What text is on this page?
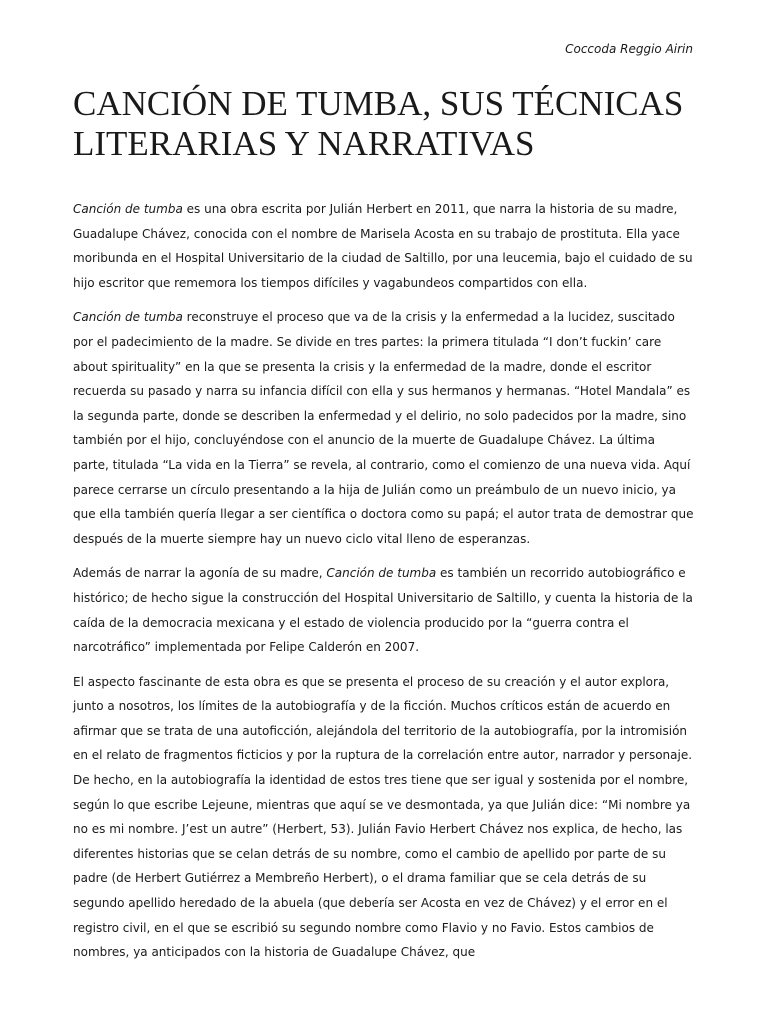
Coccoda Reggio Airin
CANCIÓN DE TUMBA, SUS TÉCNICAS
LITERARIAS Y NARRATIVAS

Canción de tumba es una obra escrita por Julián Herbert en 2011, que narra la historia de su madre, Guadalupe Chávez, conocida con el nombre de Marisela Acosta en su trabajo de prostituta. Ella yace moribunda en el Hospital Universitario de la ciudad de Saltillo, por una leucemia, bajo el cuidado de su hijo escritor que rememora los tiempos difíciles y vagabundeos compartidos con ella.

Canción de tumba reconstruye el proceso que va de la crisis y la enfermedad a la lucidez, suscitado por el padecimiento de la madre. Se divide en tres partes: la primera titulada “I don’t fuckin’ care about spirituality” en la que se presenta la crisis y la enfermedad de la madre, donde el escritor recuerda su pasado y narra su infancia difícil con ella y sus hermanos y hermanas. “Hotel Mandala” es la segunda parte, donde se describen la enfermedad y el delirio, no solo padecidos por la madre, sino también por el hijo, concluyéndose con el anuncio de la muerte de Guadalupe Chávez. La última parte, titulada “La vida en la Tierra” se revela, al contrario, como el comienzo de una nueva vida. Aquí parece cerrarse un círculo presentando a la hija de Julián como un preámbulo de un nuevo inicio, ya que ella también quería llegar a ser científica o doctora como su papá; el autor trata de demostrar que después de la muerte siempre hay un nuevo ciclo vital lleno de esperanzas.

Además de narrar la agonía de su madre, Canción de tumba es también un recorrido autobiográfico e histórico; de hecho sigue la construcción del Hospital Universitario de Saltillo, y cuenta la historia de la caída de la democracia mexicana y el estado de violencia producido por la “guerra contra el narcotráfico” implementada por Felipe Calderón en 2007.

El aspecto fascinante de esta obra es que se presenta el proceso de su creación y el autor explora, junto a nosotros, los límites de la autobiografía y de la ficción. Muchos críticos están de acuerdo en afirmar que se trata de una autoficción, alejándola del territorio de la autobiografía, por la intromisión en el relato de fragmentos ficticios y por la ruptura de la correlación entre autor, narrador y personaje. De hecho, en la autobiografía la identidad de estos tres tiene que ser igual y sostenida por el nombre, según lo que escribe Lejeune, mientras que aquí se ve desmontada, ya que Julián dice: “Mi nombre ya no es mi nombre. J’est un autre” (Herbert, 53). Julián Favio Herbert Chávez nos explica, de hecho, las diferentes historias que se celan detrás de su nombre, como el cambio de apellido por parte de su padre (de Herbert Gutiérrez a Membreño Herbert), o el drama familiar que se cela detrás de su segundo apellido heredado de la abuela (que debería ser Acosta en vez de Chávez) y el error en el registro civil, en el que se escribió su segundo nombre como Flavio y no Favio. Estos cambios de nombres, ya anticipados con la historia de Guadalupe Chávez, que
